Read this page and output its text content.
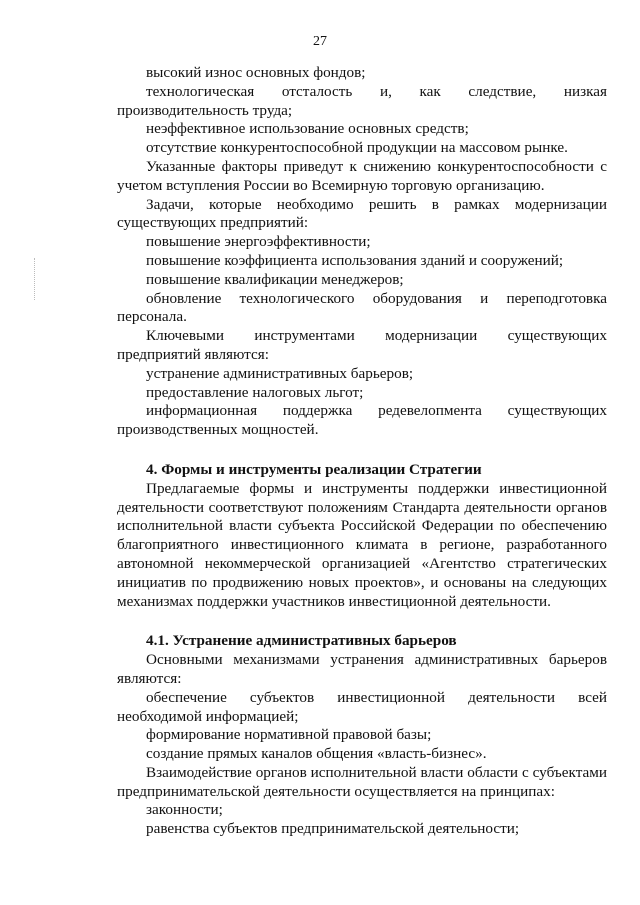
27

высокий износ основных фондов;

технологическая отсталость и, как следствие, низкая производительность труда;

неэффективное использование основных средств;

отсутствие конкурентоспособной продукции на массовом рынке.

Указанные факторы приведут к снижению конкурентоспособности с учетом вступления России во Всемирную торговую организацию.

Задачи, которые необходимо решить в рамках модернизации существующих предприятий:

повышение энергоэффективности;

повышение коэффициента использования зданий и сооружений;

повышение квалификации менеджеров;

обновление технологического оборудования и переподготовка персонала.

Ключевыми инструментами модернизации существующих предприятий являются:

устранение административных барьеров;

предоставление налоговых льгот;

информационная поддержка редевелопмента существующих производственных мощностей.

4. Формы и инструменты реализации Стратегии

Предлагаемые формы и инструменты поддержки инвестиционной деятельности соответствуют положениям Стандарта деятельности органов исполнительной власти субъекта Российской Федерации по обеспечению благоприятного инвестиционного климата в регионе, разработанного автономной некоммерческой организацией «Агентство стратегических инициатив по продвижению новых проектов», и основаны на следующих механизмах поддержки участников инвестиционной деятельности.

4.1. Устранение административных барьеров

Основными механизмами устранения административных барьеров являются:

обеспечение субъектов инвестиционной деятельности всей необходимой информацией;

формирование нормативной правовой базы;

создание прямых каналов общения «власть-бизнес».

Взаимодействие органов исполнительной власти области с субъектами предпринимательской деятельности осуществляется на принципах:

законности;

равенства субъектов предпринимательской деятельности;
